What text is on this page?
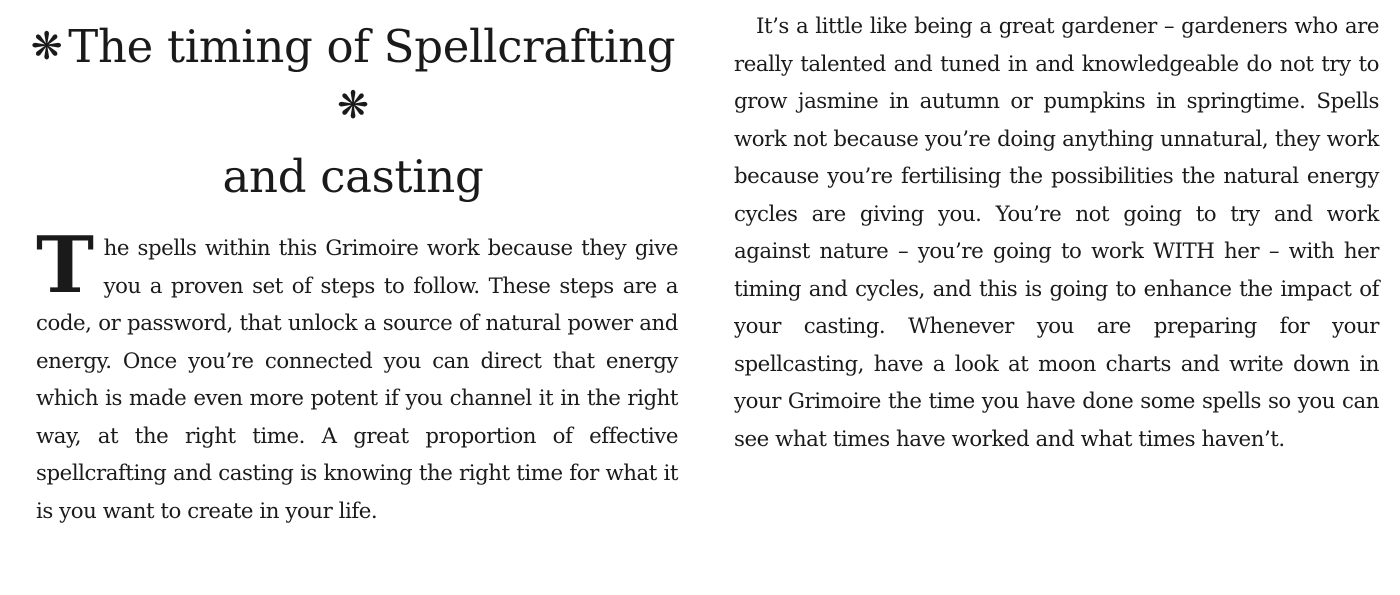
❋ The timing of Spellcrafting
❋
and casting

The spells within this Grimoire work because they give you a proven set of steps to follow. These steps are a code, or password, that unlock a source of natural power and energy. Once you’re connected you can direct that energy which is made even more potent if you channel it in the right way, at the right time. A great proportion of effective spellcrafting and casting is knowing the right time for what it is you want to create in your life.

It’s a little like being a great gardener – gardeners who are really talented and tuned in and knowledgeable do not try to grow jasmine in autumn or pumpkins in springtime. Spells work not because you’re doing anything unnatural, they work because you’re fertilising the possibilities the natural energy cycles are giving you. You’re not going to try and work against nature – you’re going to work WITH her – with her timing and cycles, and this is going to enhance the impact of your casting. Whenever you are preparing for your spellcasting, have a look at moon charts and write down in your Grimoire the time you have done some spells so you can see what times have worked and what times haven’t.
